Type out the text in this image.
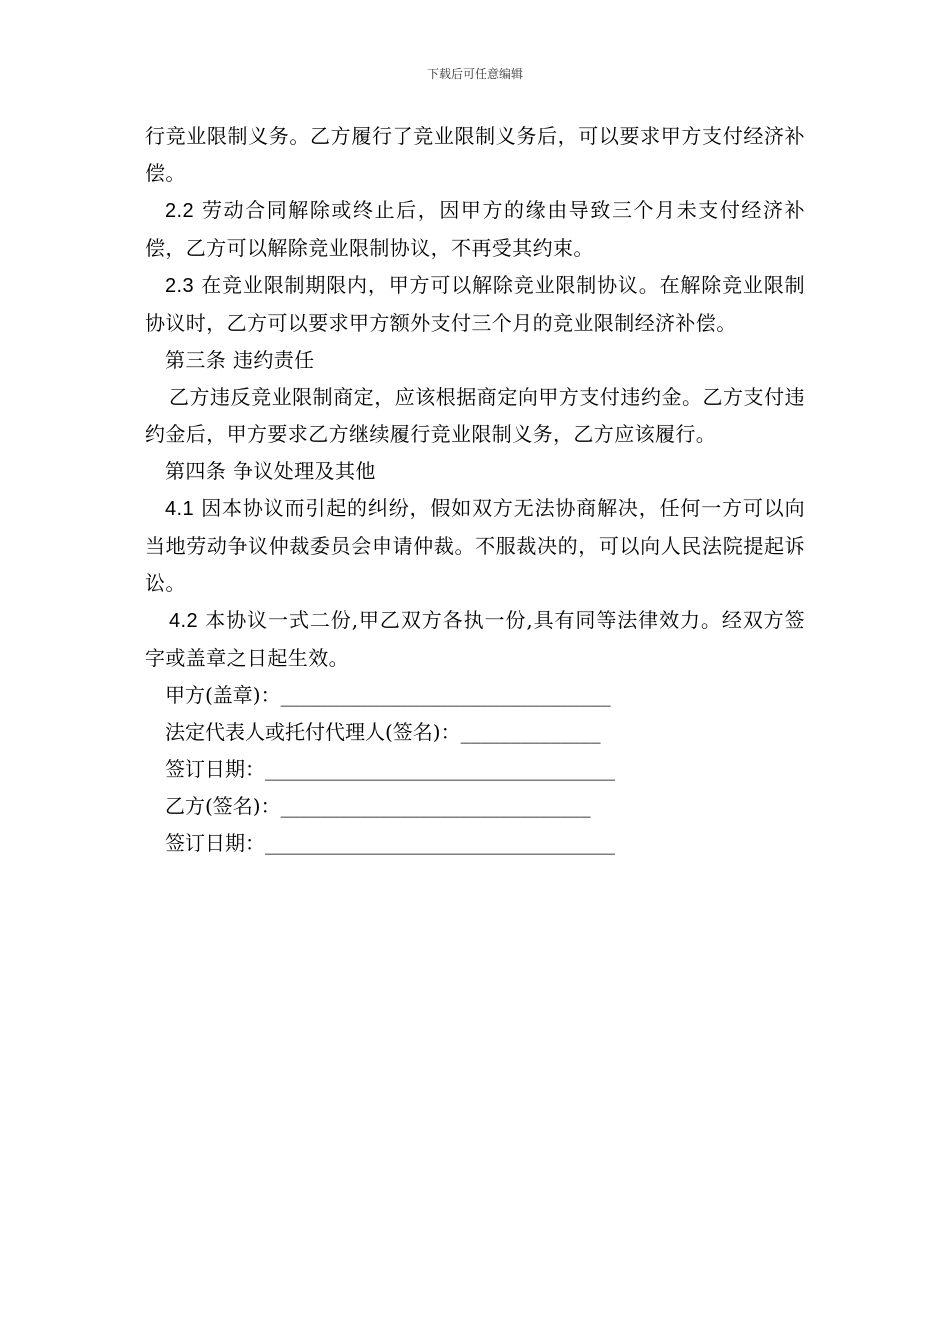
下载后可任意编辑

行竞业限制义务。乙方履行了竞业限制义务后，可以要求甲方支付经济补偿。

2.2 劳动合同解除或终止后，因甲方的缘由导致三个月未支付经济补偿，乙方可以解除竞业限制协议，不再受其约束。

2.3 在竞业限制期限内，甲方可以解除竞业限制协议。在解除竞业限制协议时，乙方可以要求甲方额外支付三个月的竞业限制经济补偿。

第三条 违约责任

乙方违反竞业限制商定，应该根据商定向甲方支付违约金。乙方支付违约金后，甲方要求乙方继续履行竞业限制义务，乙方应该履行。

第四条 争议处理及其他

4.1 因本协议而引起的纠纷，假如双方无法协商解决，任何一方可以向当地劳动争议仲裁委员会申请仲裁。不服裁决的，可以向人民法院提起诉讼。

4.2 本协议一式二份,甲乙双方各执一份,具有同等法律效力。经双方签字或盖章之日起生效。

甲方(盖章)：_________________________________

法定代表人或托付代理人(签名)：______________

签订日期：___________________________________

乙方(签名)：_______________________________

签订日期：___________________________________
